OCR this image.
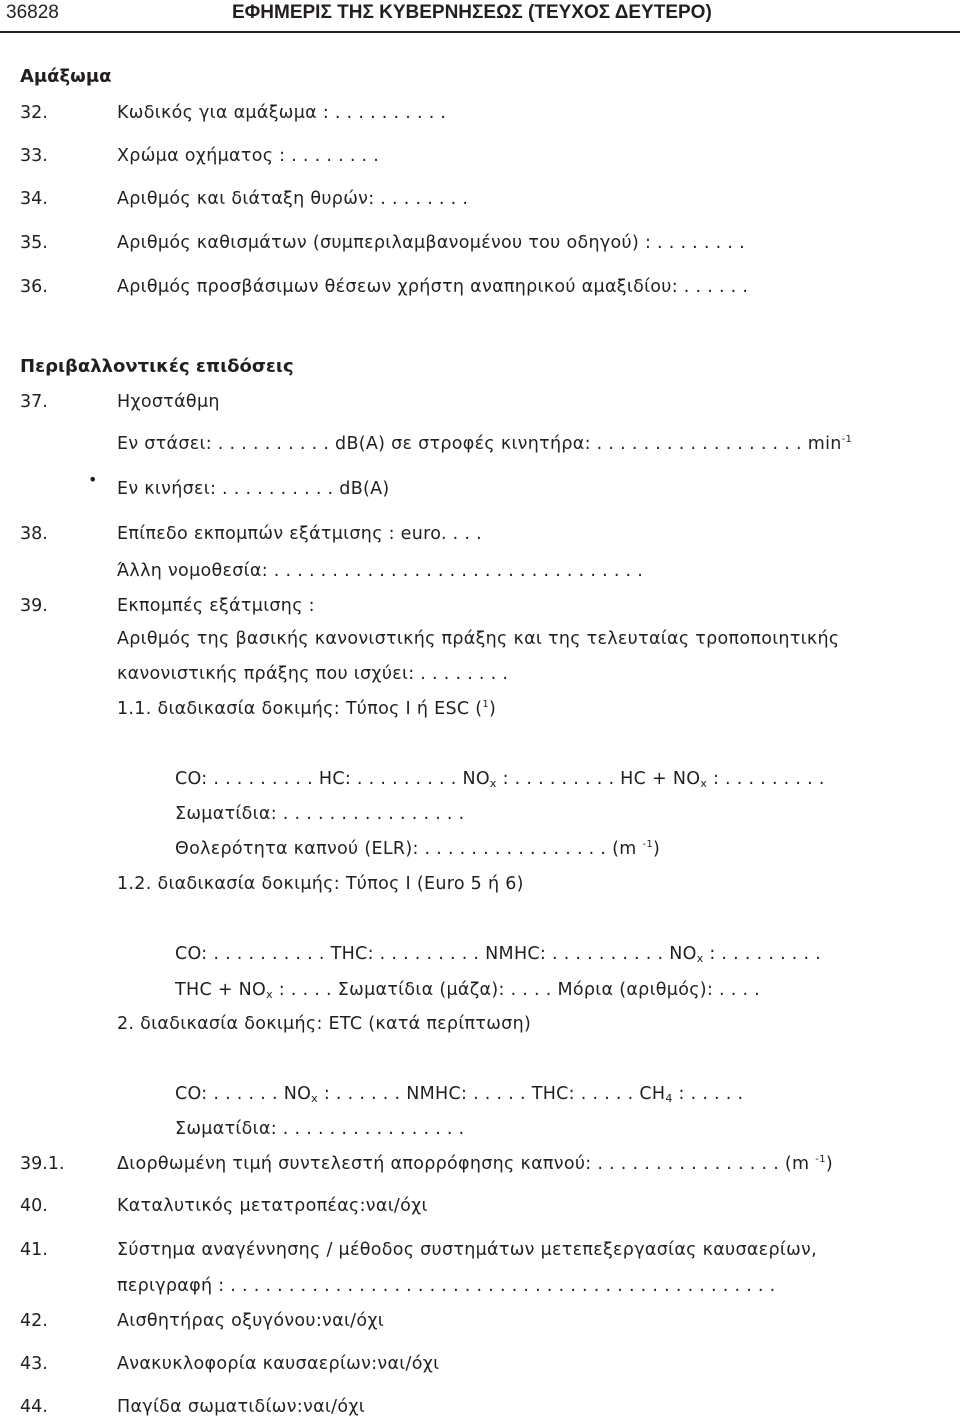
36828	ΕΦΗΜΕΡΙΣ ΤΗΣ ΚΥΒΕΡΝΗΣΕΩΣ (ΤΕΥΧΟΣ ΔΕΥΤΕΡΟ)
Αμάξωμα
32.	Κωδικός για αμάξωμα : . . . . . . . . . .
33.	Χρώμα οχήματος : . . . . . . . .
34.	Αριθμός και διάταξη θυρών: . . . . . . . .
35.	Αριθμός καθισμάτων (συμπεριλαμβανομένου του οδηγού) : . . . . . . . .
36.	Αριθμός προσβάσιμων θέσεων χρήστη αναπηρικού αμαξιδίου: . . . . . .
Περιβαλλοντικές επιδόσεις
37.	Ηχοστάθμη
Εν στάσει: . . . . . . . . . . dB(A) σε στροφές κινητήρα: . . . . . . . . . . . . . . . . . . $\min^{-1}$
• Εν κινήσει: . . . . . . . . . . dB(A)
38.	Επίπεδο εκπομπών εξάτμισης : euro. . . .
Άλλη νομοθεσία: . . . . . . . . . . . . . . . . . . . . . . . . . . . . . . . .
39.	Εκπομπές εξάτμισης :
Αριθμός της βασικής κανονιστικής πράξης και της τελευταίας τροποποιητικής
κανονιστικής πράξης που ισχύει: . . . . . . . .
1.1. διαδικασία δοκιμής: Τύπος I ή ESC ($^1$)
CO: . . . . . . . . . HC: . . . . . . . . . $NO_x$ : . . . . . . . . . HC + $NO_x$ : . . . . . . . . .
Σωματίδια: . . . . . . . . . . . . . . . .
Θολερότητα καπνού (ELR): . . . . . . . . . . . . . . . . (m $^{-1}$)
1.2. διαδικασία δοκιμής: Τύπος I (Euro 5 ή 6)
CO: . . . . . . . . . . THC: . . . . . . . . . NMHC: . . . . . . . . . . $NO_x$ : . . . . . . . . .
THC + $NO_x$ : . . . . Σωματίδια (μάζα): . . . . Μόρια (αριθμός): . . . .
2. διαδικασία δοκιμής: ETC (κατά περίπτωση)
CO: . . . . . . $NO_x$ : . . . . . . NMHC: . . . . . THC: . . . . . $CH_4$ : . . . . .
Σωματίδια: . . . . . . . . . . . . . . . .
39.1.	Διορθωμένη τιμή συντελεστή απορρόφησης καπνού: . . . . . . . . . . . . . . . . (m $^{-1}$)
40.	Καταλυτικός μετατροπέας:ναι/όχι
41.	Σύστημα αναγέννησης / μέθοδος συστημάτων μετεπεξεργασίας καυσαερίων,
περιγραφή : . . . . . . . . . . . . . . . . . . . . . . . . . . . . . . . . . . . . . . . . . . . . . . .
42.	Αισθητήρας οξυγόνου:ναι/όχι
43.	Ανακυκλοφορία καυσαερίων:ναι/όχι
44.	Παγίδα σωματιδίων:ναι/όχι
